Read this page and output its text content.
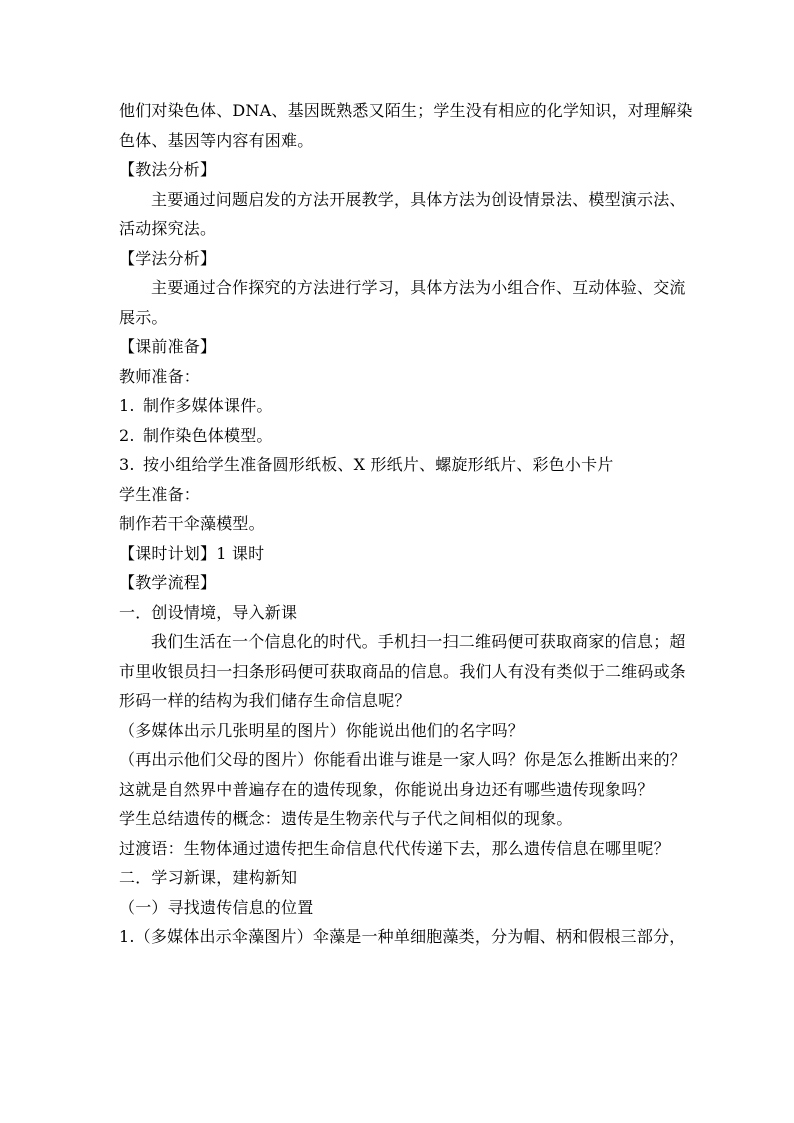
他们对染色体、DNA、基因既熟悉又陌生；学生没有相应的化学知识，对理解染
色体、基因等内容有困难。
【教法分析】
主要通过问题启发的方法开展教学，具体方法为创设情景法、模型演示法、
活动探究法。
【学法分析】
主要通过合作探究的方法进行学习，具体方法为小组合作、互动体验、交流
展示。
【课前准备】
教师准备：
1. 制作多媒体课件。
2. 制作染色体模型。
3. 按小组给学生准备圆形纸板、X 形纸片、螺旋形纸片、彩色小卡片
学生准备：
制作若干伞藻模型。
【课时计划】1 课时
【教学流程】
一．创设情境，导入新课
我们生活在一个信息化的时代。手机扫一扫二维码便可获取商家的信息；超
市里收银员扫一扫条形码便可获取商品的信息。我们人有没有类似于二维码或条
形码一样的结构为我们储存生命信息呢？
（多媒体出示几张明星的图片）你能说出他们的名字吗？
（再出示他们父母的图片）你能看出谁与谁是一家人吗？你是怎么推断出来的？
这就是自然界中普遍存在的遗传现象，你能说出身边还有哪些遗传现象吗？
学生总结遗传的概念：遗传是生物亲代与子代之间相似的现象。
过渡语：生物体通过遗传把生命信息代代传递下去，那么遗传信息在哪里呢？
二．学习新课，建构新知
（一）寻找遗传信息的位置
1.（多媒体出示伞藻图片）伞藻是一种单细胞藻类，分为帽、柄和假根三部分，
